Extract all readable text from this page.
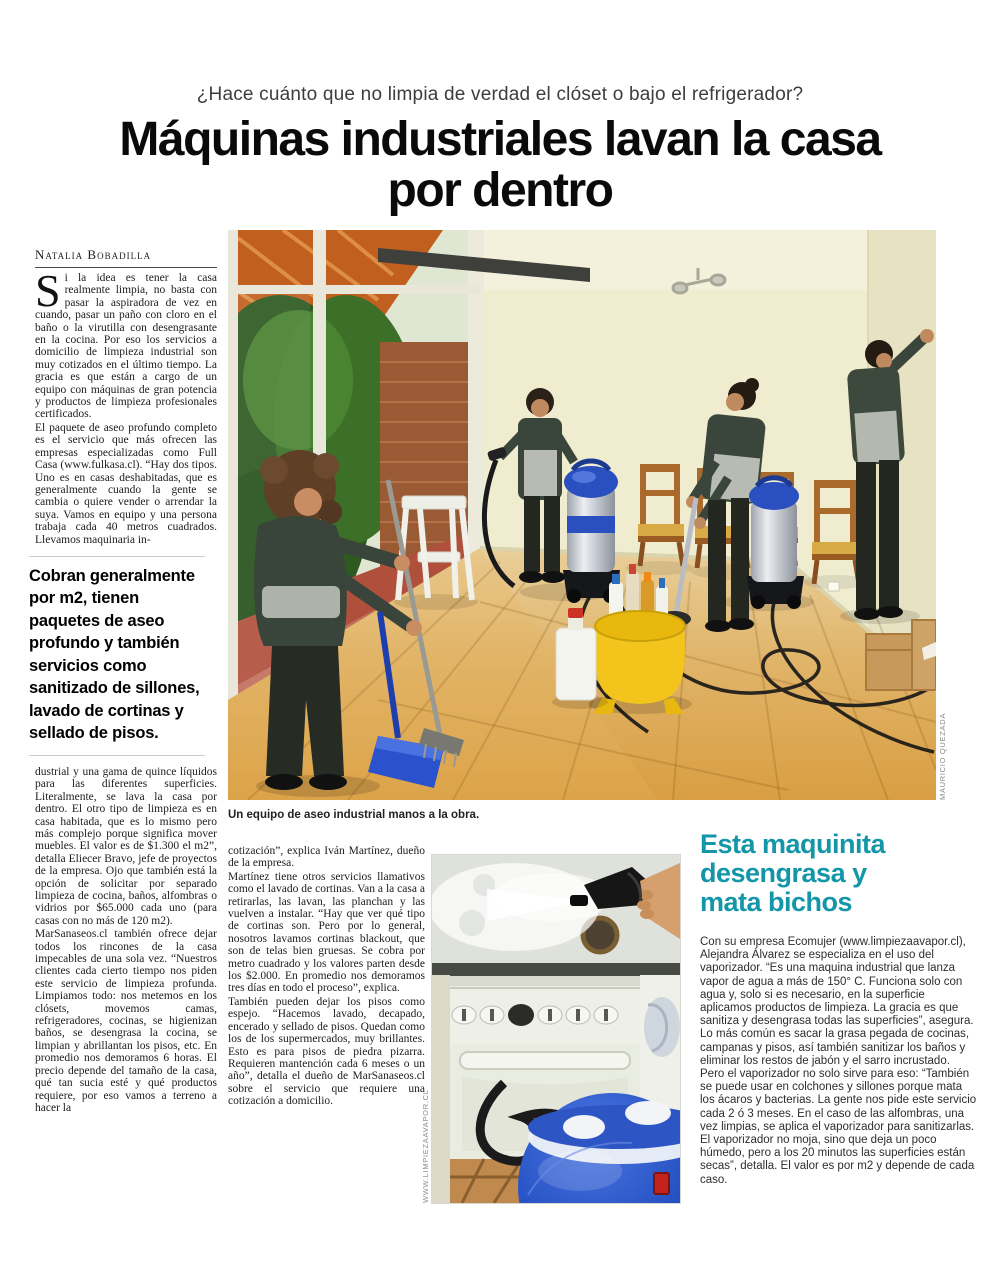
¿Hace cuánto que no limpia de verdad el clóset o bajo el refrigerador?
Máquinas industriales lavan la casa
por dentro
Natalia Bobadilla

Si la idea es tener la casa realmente limpia, no basta con pasar la aspiradora de vez en cuando, pasar un paño con cloro en el baño o la virutilla con desengrasante en la cocina. Por eso los servicios a domicilio de limpieza industrial son muy cotizados en el último tiempo. La gracia es que están a cargo de un equipo con máquinas de gran potencia y productos de limpieza profesionales certificados.

El paquete de aseo profundo completo es el servicio que más ofrecen las empresas especializadas como Full Casa (www.fulkasa.cl). “Hay dos tipos. Uno es en casas deshabitadas, que es generalmente cuando la gente se cambia o quiere vender o arrendar la suya. Vamos en equipo y una persona trabaja cada 40 metros cuadrados. Llevamos maquinaria in-

Cobran generalmente por m2, tienen paquetes de aseo profundo y también servicios como sanitizado de sillones, lavado de cortinas y sellado de pisos.

dustrial y una gama de quince líquidos para las diferentes superficies. Literalmente, se lava la casa por dentro. El otro tipo de limpieza es en casa habitada, que es lo mismo pero más complejo porque significa mover muebles. El valor es de $1.300 el m2”, detalla Eliecer Bravo, jefe de proyectos de la empresa. Ojo que también está la opción de solicitar por separado limpieza de cocina, baños, alfombras o vidrios por $65.000 cada uno (para casas con no más de 120 m2).

MarSanaseos.cl también ofrece dejar todos los rincones de la casa impecables de una sola vez. “Nuestros clientes cada cierto tiempo nos piden este servicio de limpieza profunda. Limpiamos todo: nos metemos en los clósets, movemos camas, refrigeradores, cocinas, se higienizan baños, se desengrasa la cocina, se limpian y abrillantan los pisos, etc. En promedio nos demoramos 6 horas. El precio depende del tamaño de la casa, qué tan sucia esté y qué productos requiere, por eso vamos a terreno a hacer la

MAURICIO QUEZADA
Un equipo de aseo industrial manos a la obra.

cotización”, explica Iván Martínez, dueño de la empresa.

Martínez tiene otros servicios llamativos como el lavado de cortinas. Van a la casa a retirarlas, las lavan, las planchan y las vuelven a instalar. “Hay que ver qué tipo de cortinas son. Pero por lo general, nosotros lavamos cortinas blackout, que son de telas bien gruesas. Se cobra por metro cuadrado y los valores parten desde los $2.000. En promedio nos demoramos tres días en todo el proceso”, explica.

También pueden dejar los pisos como espejo. “Hacemos lavado, decapado, encerado y sellado de pisos. Quedan como los de los supermercados, muy brillantes. Esto es para pisos de piedra pizarra. Requieren mantención cada 6 meses o un año”, detalla el dueño de MarSanaseos.cl sobre el servicio que requiere una cotización a domicilio.	WWW.LIMPIEZAAVAPOR.CL
Esta maquinita desengrasa y mata bichos

Con su empresa Ecomujer (www.limpiezaavapor.cl), Alejandra Álvarez se especializa en el uso del vaporizador. “Es una maquina industrial que lanza vapor de agua a más de 150° C. Funciona solo con agua y, solo si es necesario, en la superficie aplicamos productos de limpieza. La gracia es que sanitiza y desengrasa todas las superficies”, asegura. Lo más común es sacar la grasa pegada de cocinas, campanas y pisos, así también sanitizar los baños y eliminar los restos de jabón y el sarro incrustado.

Pero el vaporizador no solo sirve para eso: “También se puede usar en colchones y sillones porque mata los ácaros y bacterias. La gente nos pide este servicio cada 2 ó 3 meses. En el caso de las alfombras, una vez limpias, se aplica el vaporizador para sanitizarlas. El vaporizador no moja, sino que deja un poco húmedo, pero a los 20 minutos las superficies están secas”, detalla. El valor es por m2 y depende de cada caso.
